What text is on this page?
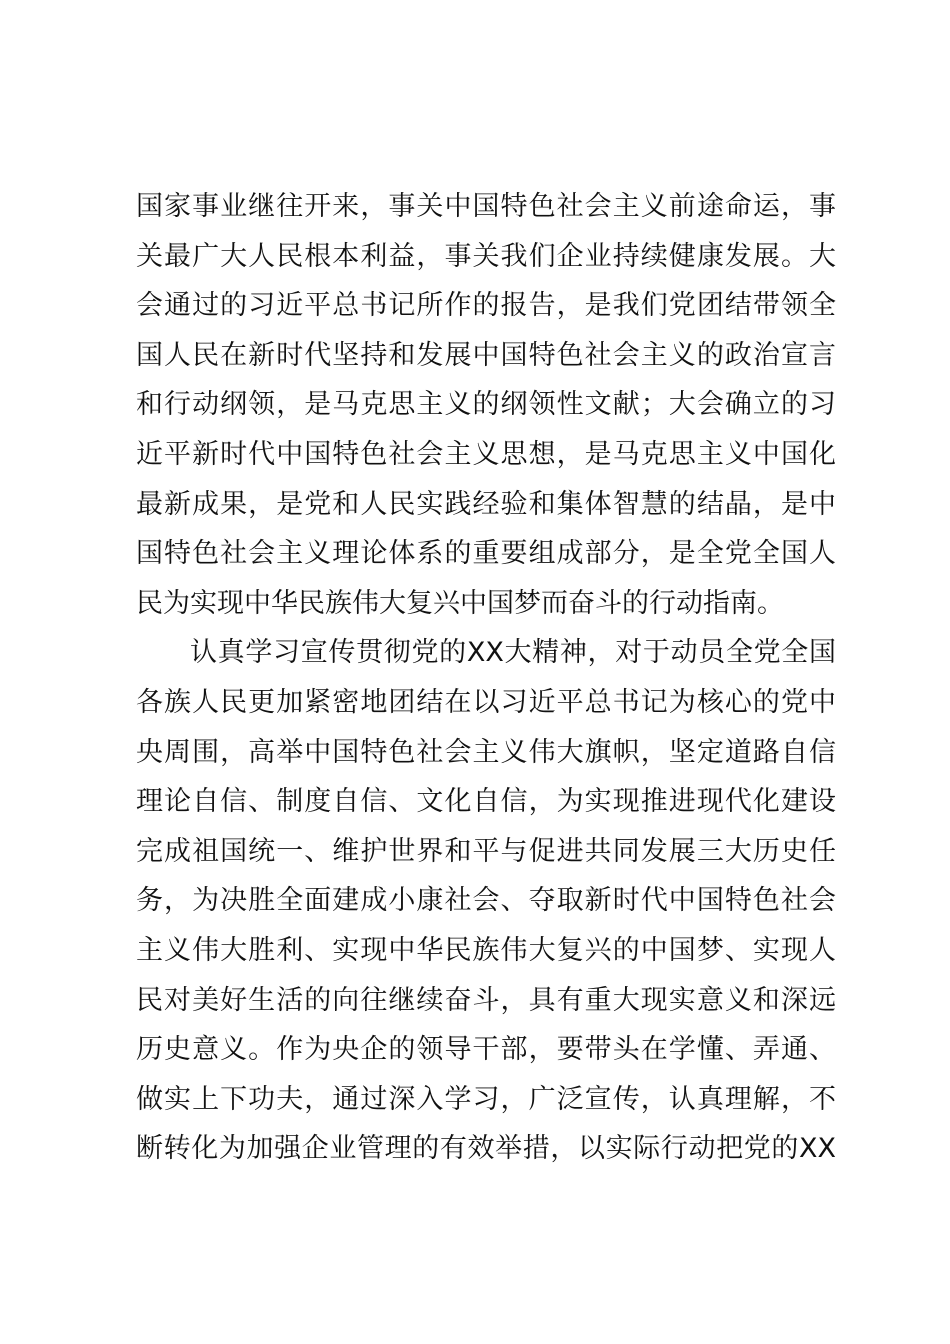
国家事业继往开来，事关中国特色社会主义前途命运，事
关最广大人民根本利益，事关我们企业持续健康发展。大
会通过的习近平总书记所作的报告，是我们党团结带领全
国人民在新时代坚持和发展中国特色社会主义的政治宣言
和行动纲领，是马克思主义的纲领性文献；大会确立的习
近平新时代中国特色社会主义思想，是马克思主义中国化
最新成果，是党和人民实践经验和集体智慧的结晶，是中
国特色社会主义理论体系的重要组成部分，是全党全国人
民为实现中华民族伟大复兴中国梦而奋斗的行动指南。
认真学习宣传贯彻党的XX大精神，对于动员全党全国
各族人民更加紧密地团结在以习近平总书记为核心的党中
央周围，高举中国特色社会主义伟大旗帜，坚定道路自信
理论自信、制度自信、文化自信，为实现推进现代化建设
完成祖国统一、维护世界和平与促进共同发展三大历史任
务，为决胜全面建成小康社会、夺取新时代中国特色社会
主义伟大胜利、实现中华民族伟大复兴的中国梦、实现人
民对美好生活的向往继续奋斗，具有重大现实意义和深远
历史意义。作为央企的领导干部，要带头在学懂、弄通、
做实上下功夫，通过深入学习，广泛宣传，认真理解，不
断转化为加强企业管理的有效举措，以实际行动把党的XX
